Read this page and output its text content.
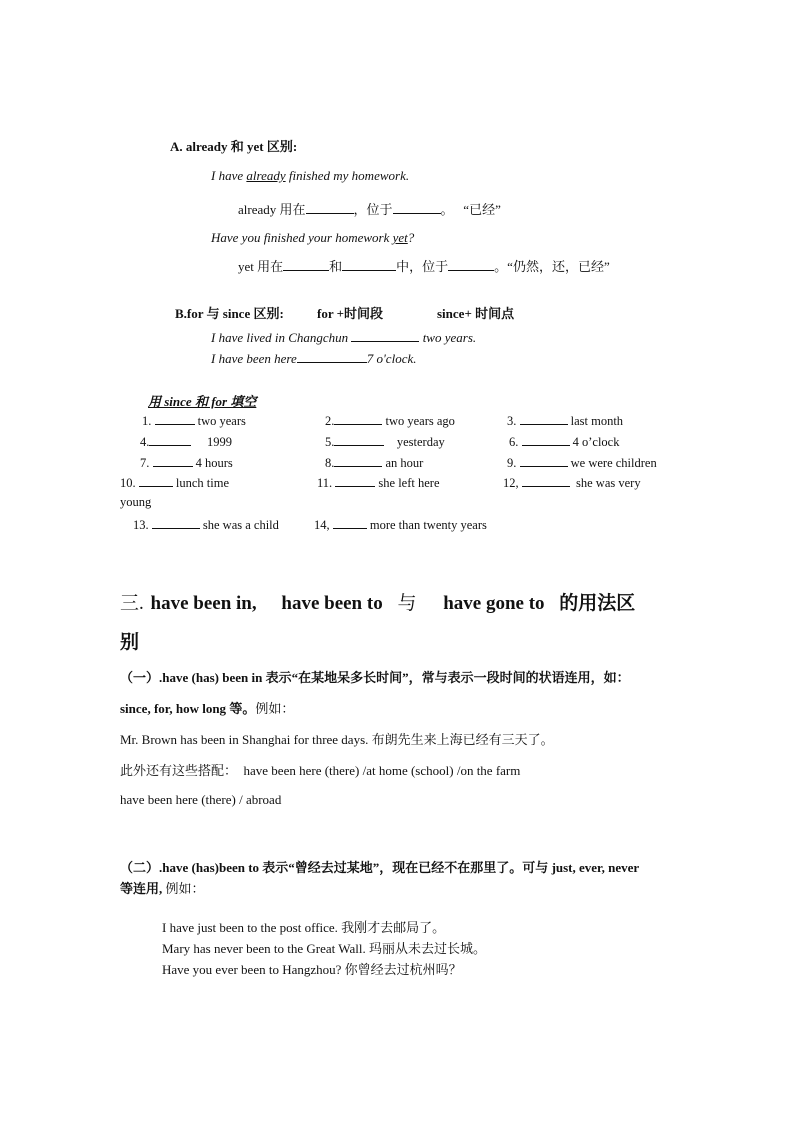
A. already 和 yet 区别:
I have already finished my homework.
already 用在	，位于	。 “已经”
Have you finished your homework yet?
yet 用在	和	中，位于	。“仍然，还，已经”
B.for 与 since 区别:	for +时间段	since+ 时间点
I have lived in Changchun	two years.
I have been here	7 o'clock.
用 since 和 for 填空
1.	two years	2.	two years ago	3.	last month
4.	1999	5.	yesterday	6.	4 o’clock
7.	4 hours	8.	an hour	9.	we were children
10.	lunch time	11.	she left here	12,	she was very
young
13.	she was a child	14,	more than twenty years
三. have been in, have been to 与 have gone to 的用法区
别
（一）.have (has) been in 表示“在某地呆多长时间”，常与表示一段时间的状语连用，如：
since, for, how long 等。例如：
Mr. Brown has been in Shanghai for three days. 布朗先生来上海已经有三天了。
此外还有这些搭配： have been here (there) /at home (school) /on the farm
have been here (there) / abroad
（二）.have (has)been to 表示“曾经去过某地”，现在已经不在那里了。可与 just, ever, never
等连用, 例如：
I have just been to the post office. 我刚才去邮局了。
Mary has never been to the Great Wall. 玛丽从未去过长城。
Have you ever been to Hangzhou? 你曾经去过杭州吗？
